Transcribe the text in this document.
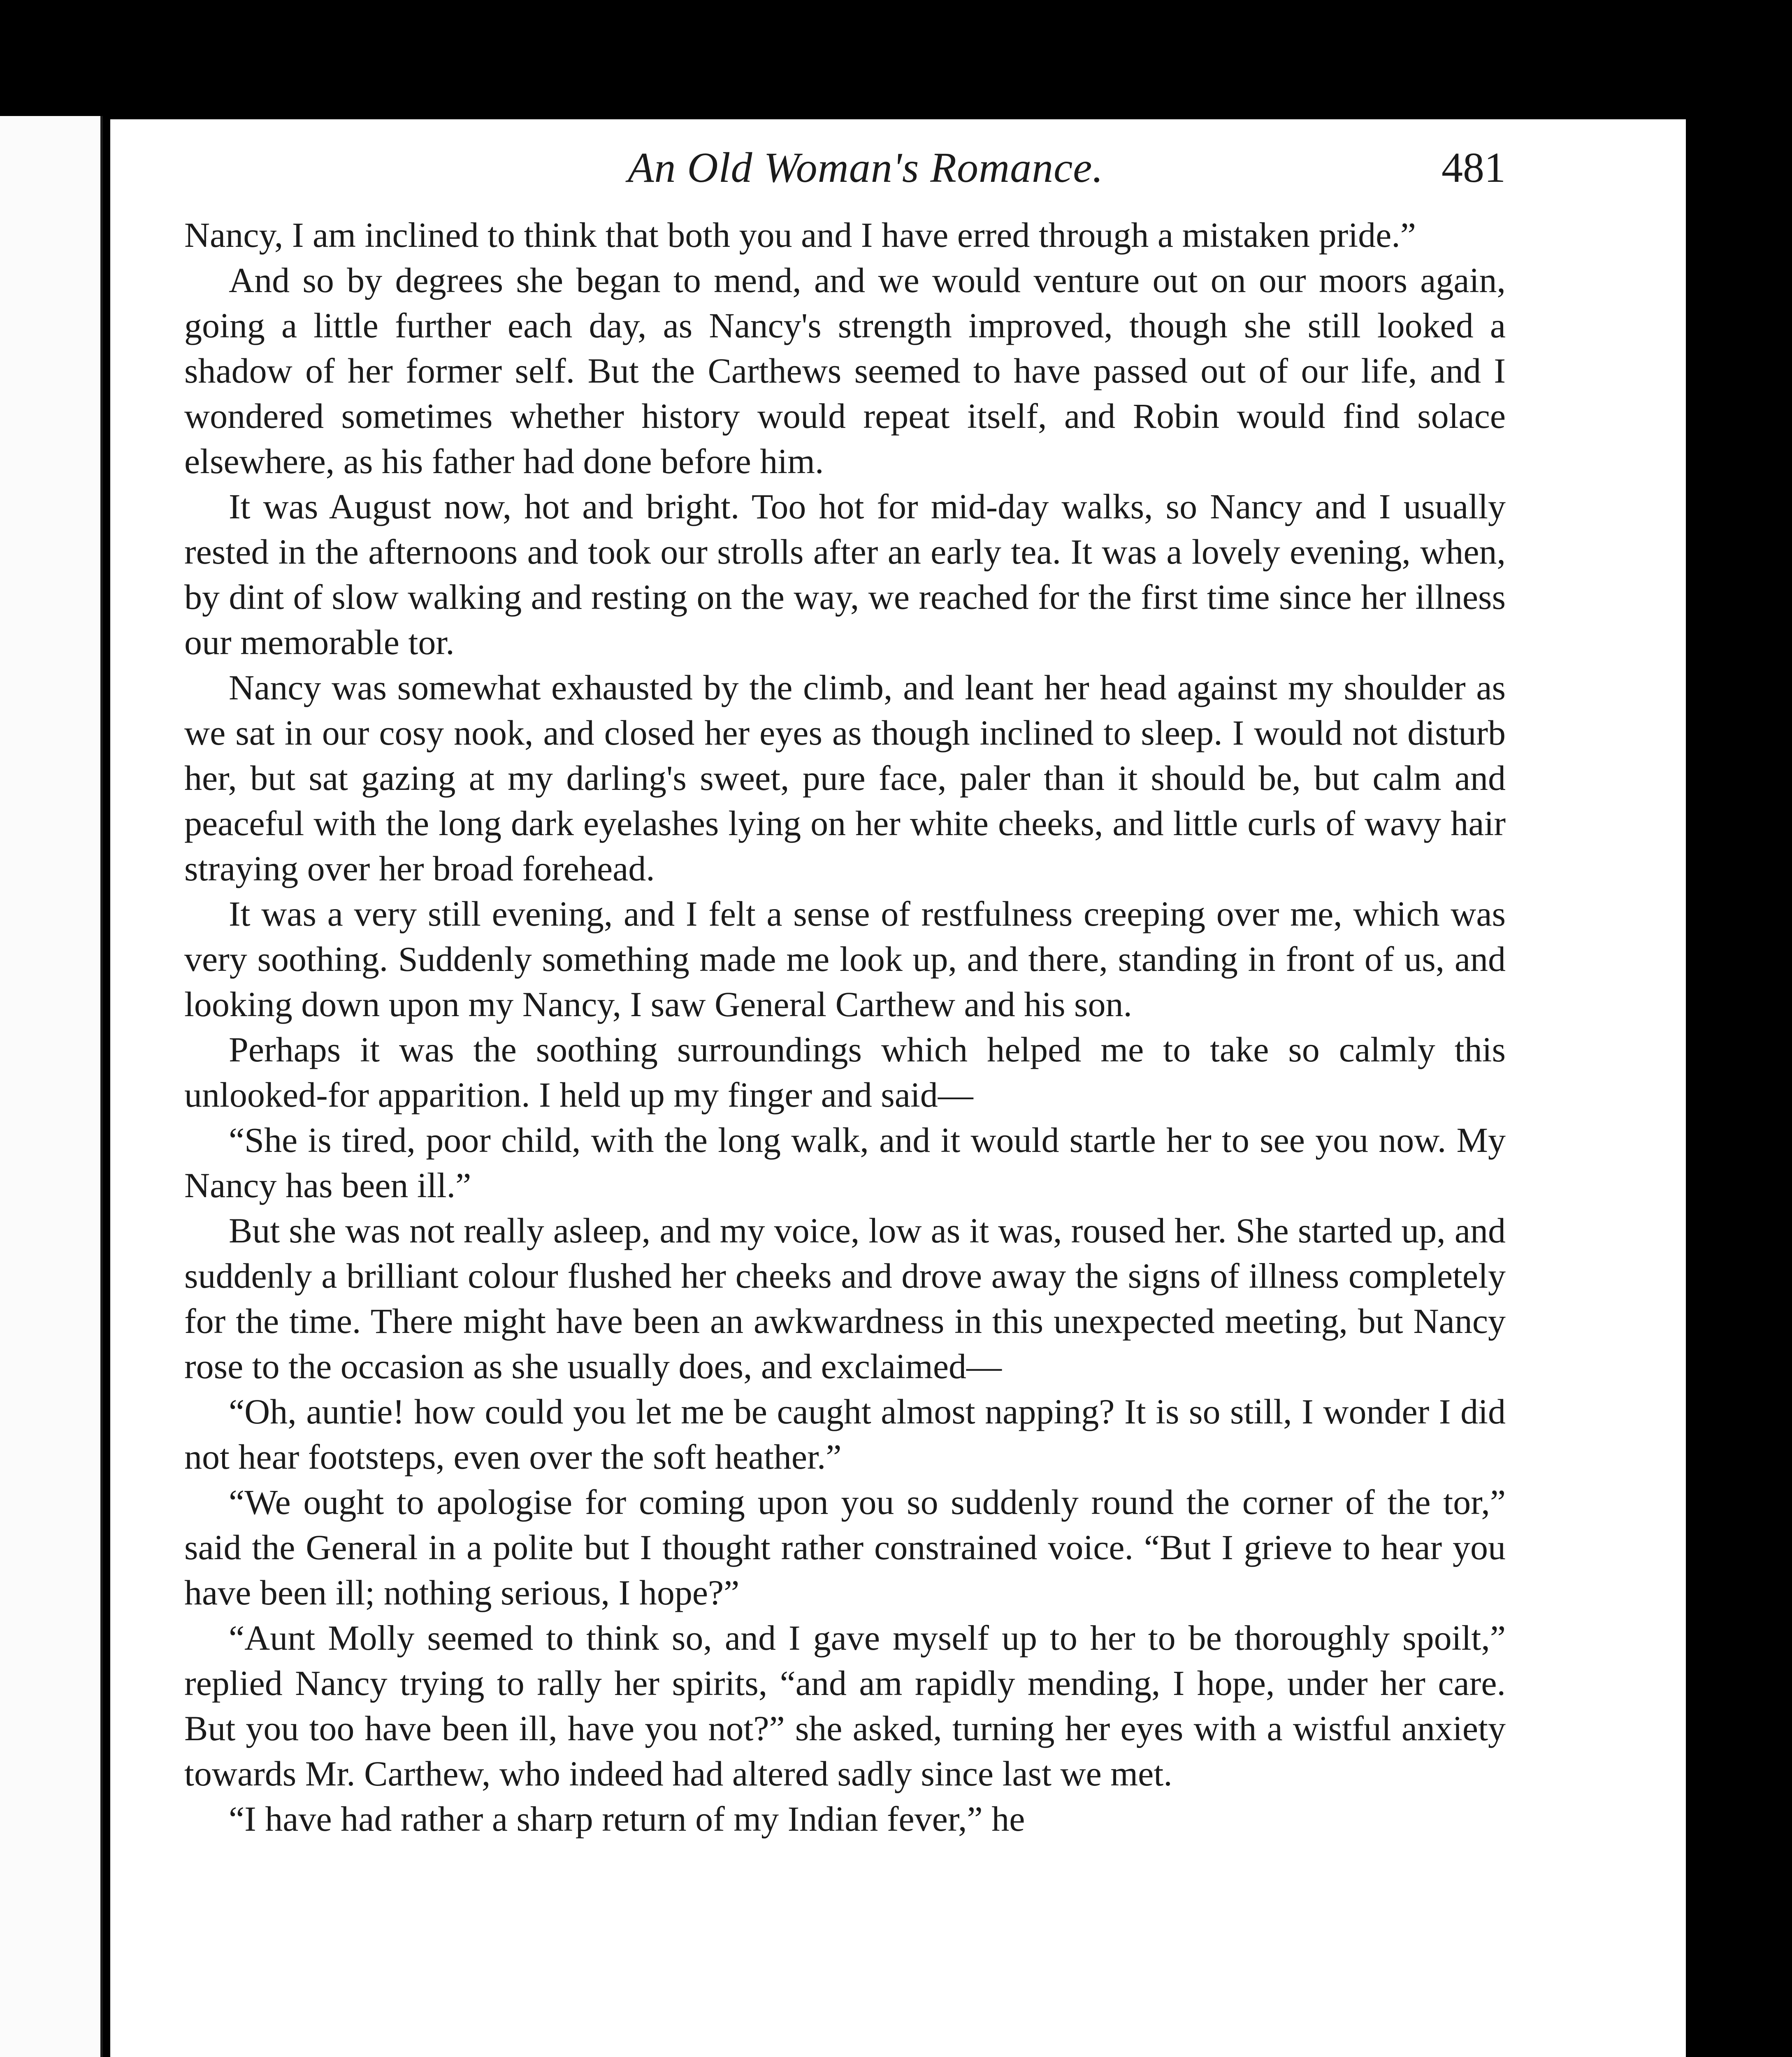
An Old Woman's Romance.	481

Nancy, I am inclined to think that both you and I have erred through a mistaken pride.”

And so by degrees she began to mend, and we would venture out on our moors again, going a little further each day, as Nancy's strength improved, though she still looked a shadow of her former self. But the Carthews seemed to have passed out of our life, and I wondered sometimes whether history would repeat itself, and Robin would find solace elsewhere, as his father had done before him.

It was August now, hot and bright. Too hot for mid-day walks, so Nancy and I usually rested in the afternoons and took our strolls after an early tea. It was a lovely evening, when, by dint of slow walking and resting on the way, we reached for the first time since her illness our memorable tor.

Nancy was somewhat exhausted by the climb, and leant her head against my shoulder as we sat in our cosy nook, and closed her eyes as though inclined to sleep. I would not disturb her, but sat gazing at my darling's sweet, pure face, paler than it should be, but calm and peaceful with the long dark eyelashes lying on her white cheeks, and little curls of wavy hair straying over her broad forehead.

It was a very still evening, and I felt a sense of restfulness creeping over me, which was very soothing. Suddenly something made me look up, and there, standing in front of us, and looking down upon my Nancy, I saw General Carthew and his son.

Perhaps it was the soothing surroundings which helped me to take so calmly this unlooked-for apparition. I held up my finger and said—

“She is tired, poor child, with the long walk, and it would startle her to see you now. My Nancy has been ill.”

But she was not really asleep, and my voice, low as it was, roused her. She started up, and suddenly a brilliant colour flushed her cheeks and drove away the signs of illness completely for the time. There might have been an awkwardness in this unexpected meeting, but Nancy rose to the occasion as she usually does, and exclaimed—

“Oh, auntie! how could you let me be caught almost napping? It is so still, I wonder I did not hear footsteps, even over the soft heather.”

“We ought to apologise for coming upon you so suddenly round the corner of the tor,” said the General in a polite but I thought rather constrained voice. “But I grieve to hear you have been ill; nothing serious, I hope?”

“Aunt Molly seemed to think so, and I gave myself up to her to be thoroughly spoilt,” replied Nancy trying to rally her spirits, “and am rapidly mending, I hope, under her care. But you too have been ill, have you not?” she asked, turning her eyes with a wistful anxiety towards Mr. Carthew, who indeed had altered sadly since last we met.

“I have had rather a sharp return of my Indian fever,” he
